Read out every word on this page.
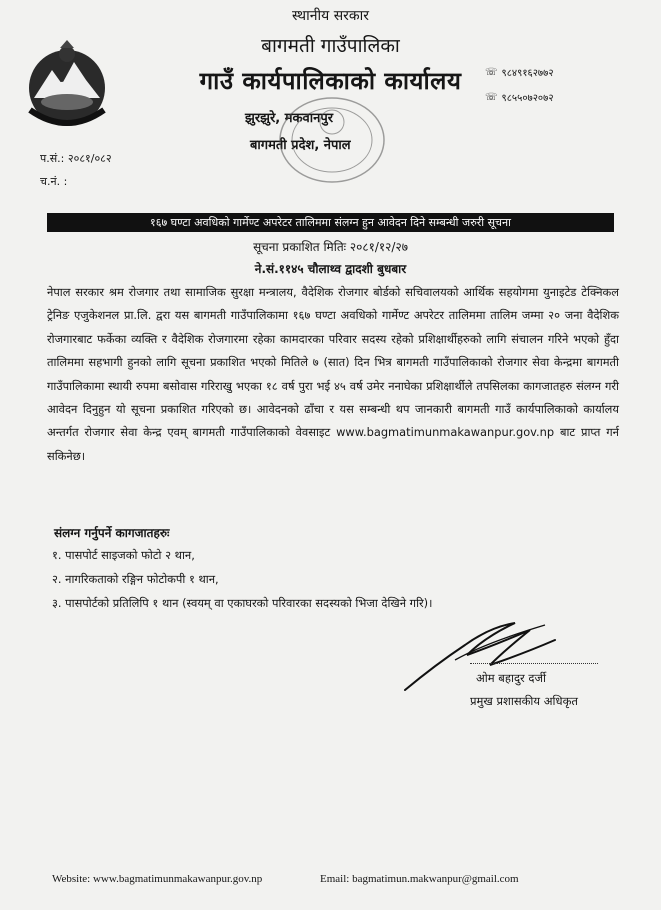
स्थानीय सरकार
बागमती गाउँपालिका
गाउँ कार्यपालिकाको कार्यालय
झुरझुरे, मकवानपुर
बागमती प्रदेश, नेपाल
☏ ९८४९१६२७७२
☏ ९८५५०७२०७२
प.सं.: २०८१/०८२
च.नं. :
१६७ घण्टा अवधिको गार्मेण्ट अपरेटर तालिममा संलग्न हुन आवेदन दिने सम्बन्धी जरुरी सूचना
सूचना प्रकाशित मितिः २०८१/१२/२७
ने.सं.११४५ चौलाथ्व द्वादशी बुधबार
नेपाल सरकार श्रम रोजगार तथा सामाजिक सुरक्षा मन्त्रालय, वैदेशिक रोजगार बोर्डको सचिवालयको आर्थिक सहयोगमा युनाइटेड टेक्निकल ट्रेनिङ एजुकेशनल प्रा.लि. द्वरा यस बागमती गाउँपालिकामा १६७ घण्टा अवधिको गार्मेण्ट अपरेटर तालिममा तालिम जम्मा २० जना वैदेशिक रोजगारबाट फर्केका व्यक्ति र वैदेशिक रोजगारमा रहेका कामदारका परिवार सदस्य रहेको प्रशिक्षार्थीहरुको लागि संचालन गरिने भएको हुँदा तालिममा सहभागी हुनको लागि सूचना प्रकाशित भएको मितिले ७ (सात) दिन भित्र बागमती गाउँपालिकाको रोजगार सेवा केन्द्रमा बागमती गाउँपालिकामा स्थायी रुपमा बसोवास गरिराखु भएका १८ वर्ष पुरा भई ४५ वर्ष उमेर ननाघेका प्रशिक्षार्थीले तपसिलका कागजातहरु संलग्न गरी आवेदन दिनुहुन यो सूचना प्रकाशित गरिएको छ। आवेदनको ढाँचा र यस सम्बन्धी थप जानकारी बागमती गाउँ कार्यपालिकाको कार्यालय अन्तर्गत रोजगार सेवा केन्द्र एवम् बागमती गाउँपालिकाको वेवसाइट www.bagmatimunmakawanpur.gov.np बाट प्राप्त गर्न सकिनेछ।
संलग्न गर्नुपर्ने कागजातहरुः
१. पासपोर्ट साइजको फोटो २ थान,
२. नागरिकताको रङ्गिन फोटोकपी १ थान,
३. पासपोर्टको प्रतिलिपि १ थान (स्वयम् वा एकाघरको परिवारका सदस्यको भिजा देखिने गरि)।
ओम बहादुर दर्जी
प्रमुख प्रशासकीय अधिकृत
Website: www.bagmatimunmakawanpur.gov.np	Email: bagmatimun.makwanpur@gmail.com
